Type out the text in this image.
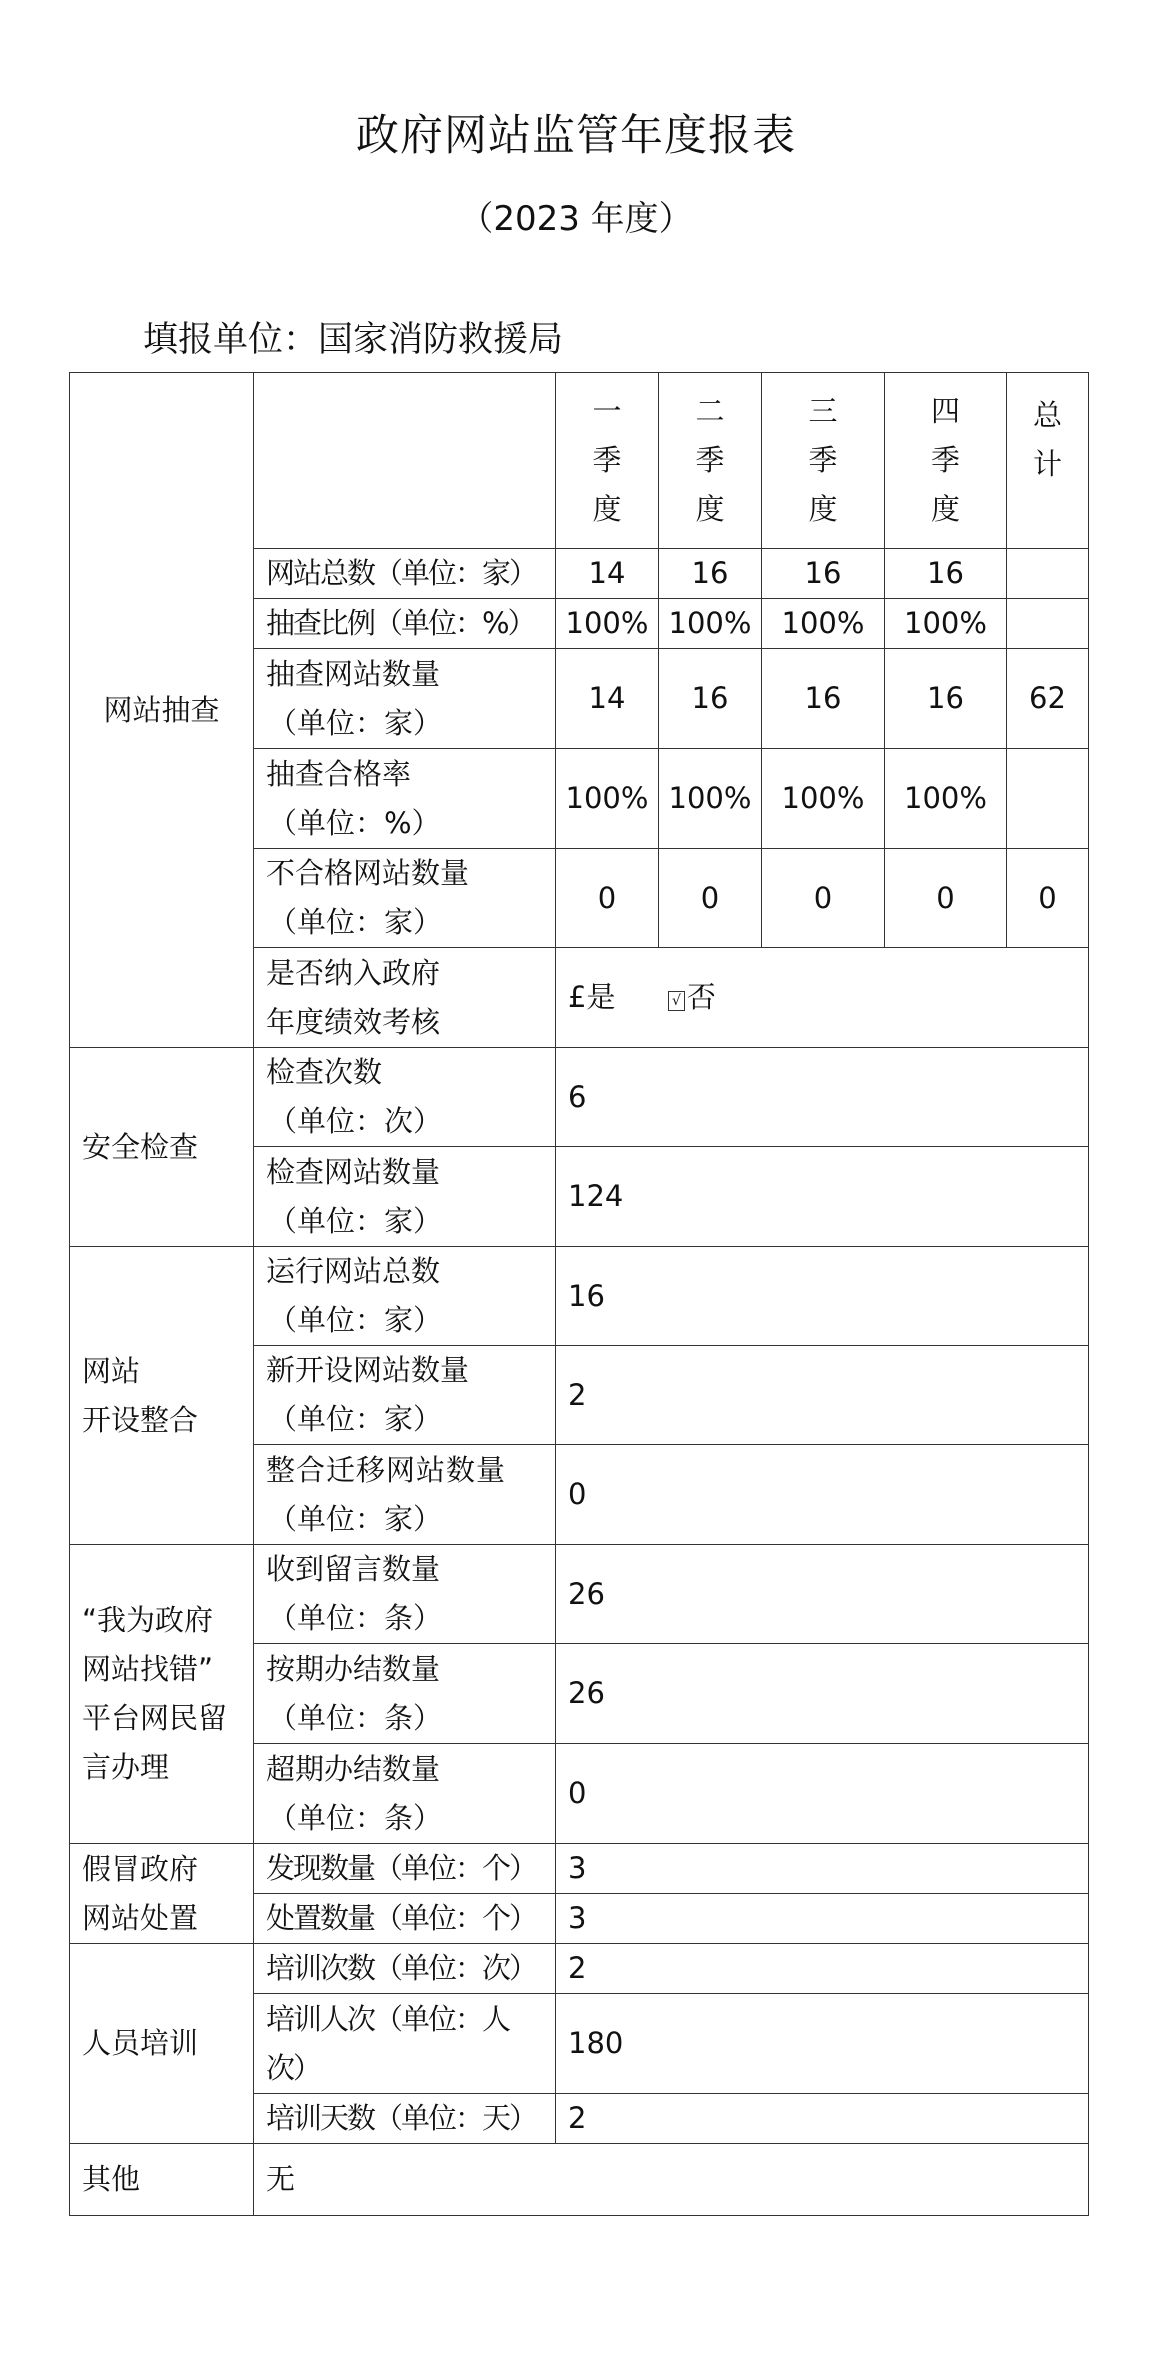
政府网站监管年度报表
（2023 年度）
填报单位：国家消防救援局
网站抽查		一
季
度	二
季
度	三
季
度	四
季
度	总
计

	网站总数（单位：家）	14	16	16	16	

	抽查比例（单位：%）	100%	100%	100%	100%	

	抽查网站数量
（单位：家）	14	16	16	16	62

	抽查合格率
（单位：%）	100%	100%	100%	100%	

	不合格网站数量
（单位：家）	0	0	0	0	0

	是否纳入政府
年度绩效考核	£是 √ 否				
安全检查	检查次数
（单位：次）	6				

	检查网站数量
（单位：家）	124				

网站
开设整合	运行网站总数
（单位：家）	16				

	新开设网站数量
（单位：家）	2				

	整合迁移网站数量
（单位：家）	0				

“我为政府
网站找错”
平台网民留
言办理	收到留言数量
（单位：条）	26				

	按期办结数量
（单位：条）	26				

	超期办结数量
（单位：条）	0				

假冒政府
网站处置	发现数量（单位：个）	3				

	处置数量（单位：个）	3				
人员培训	培训次数（单位：次）	2				

	培训人次（单位：人
次）	180				

	培训天数（单位：天）	2				
其他	无					
